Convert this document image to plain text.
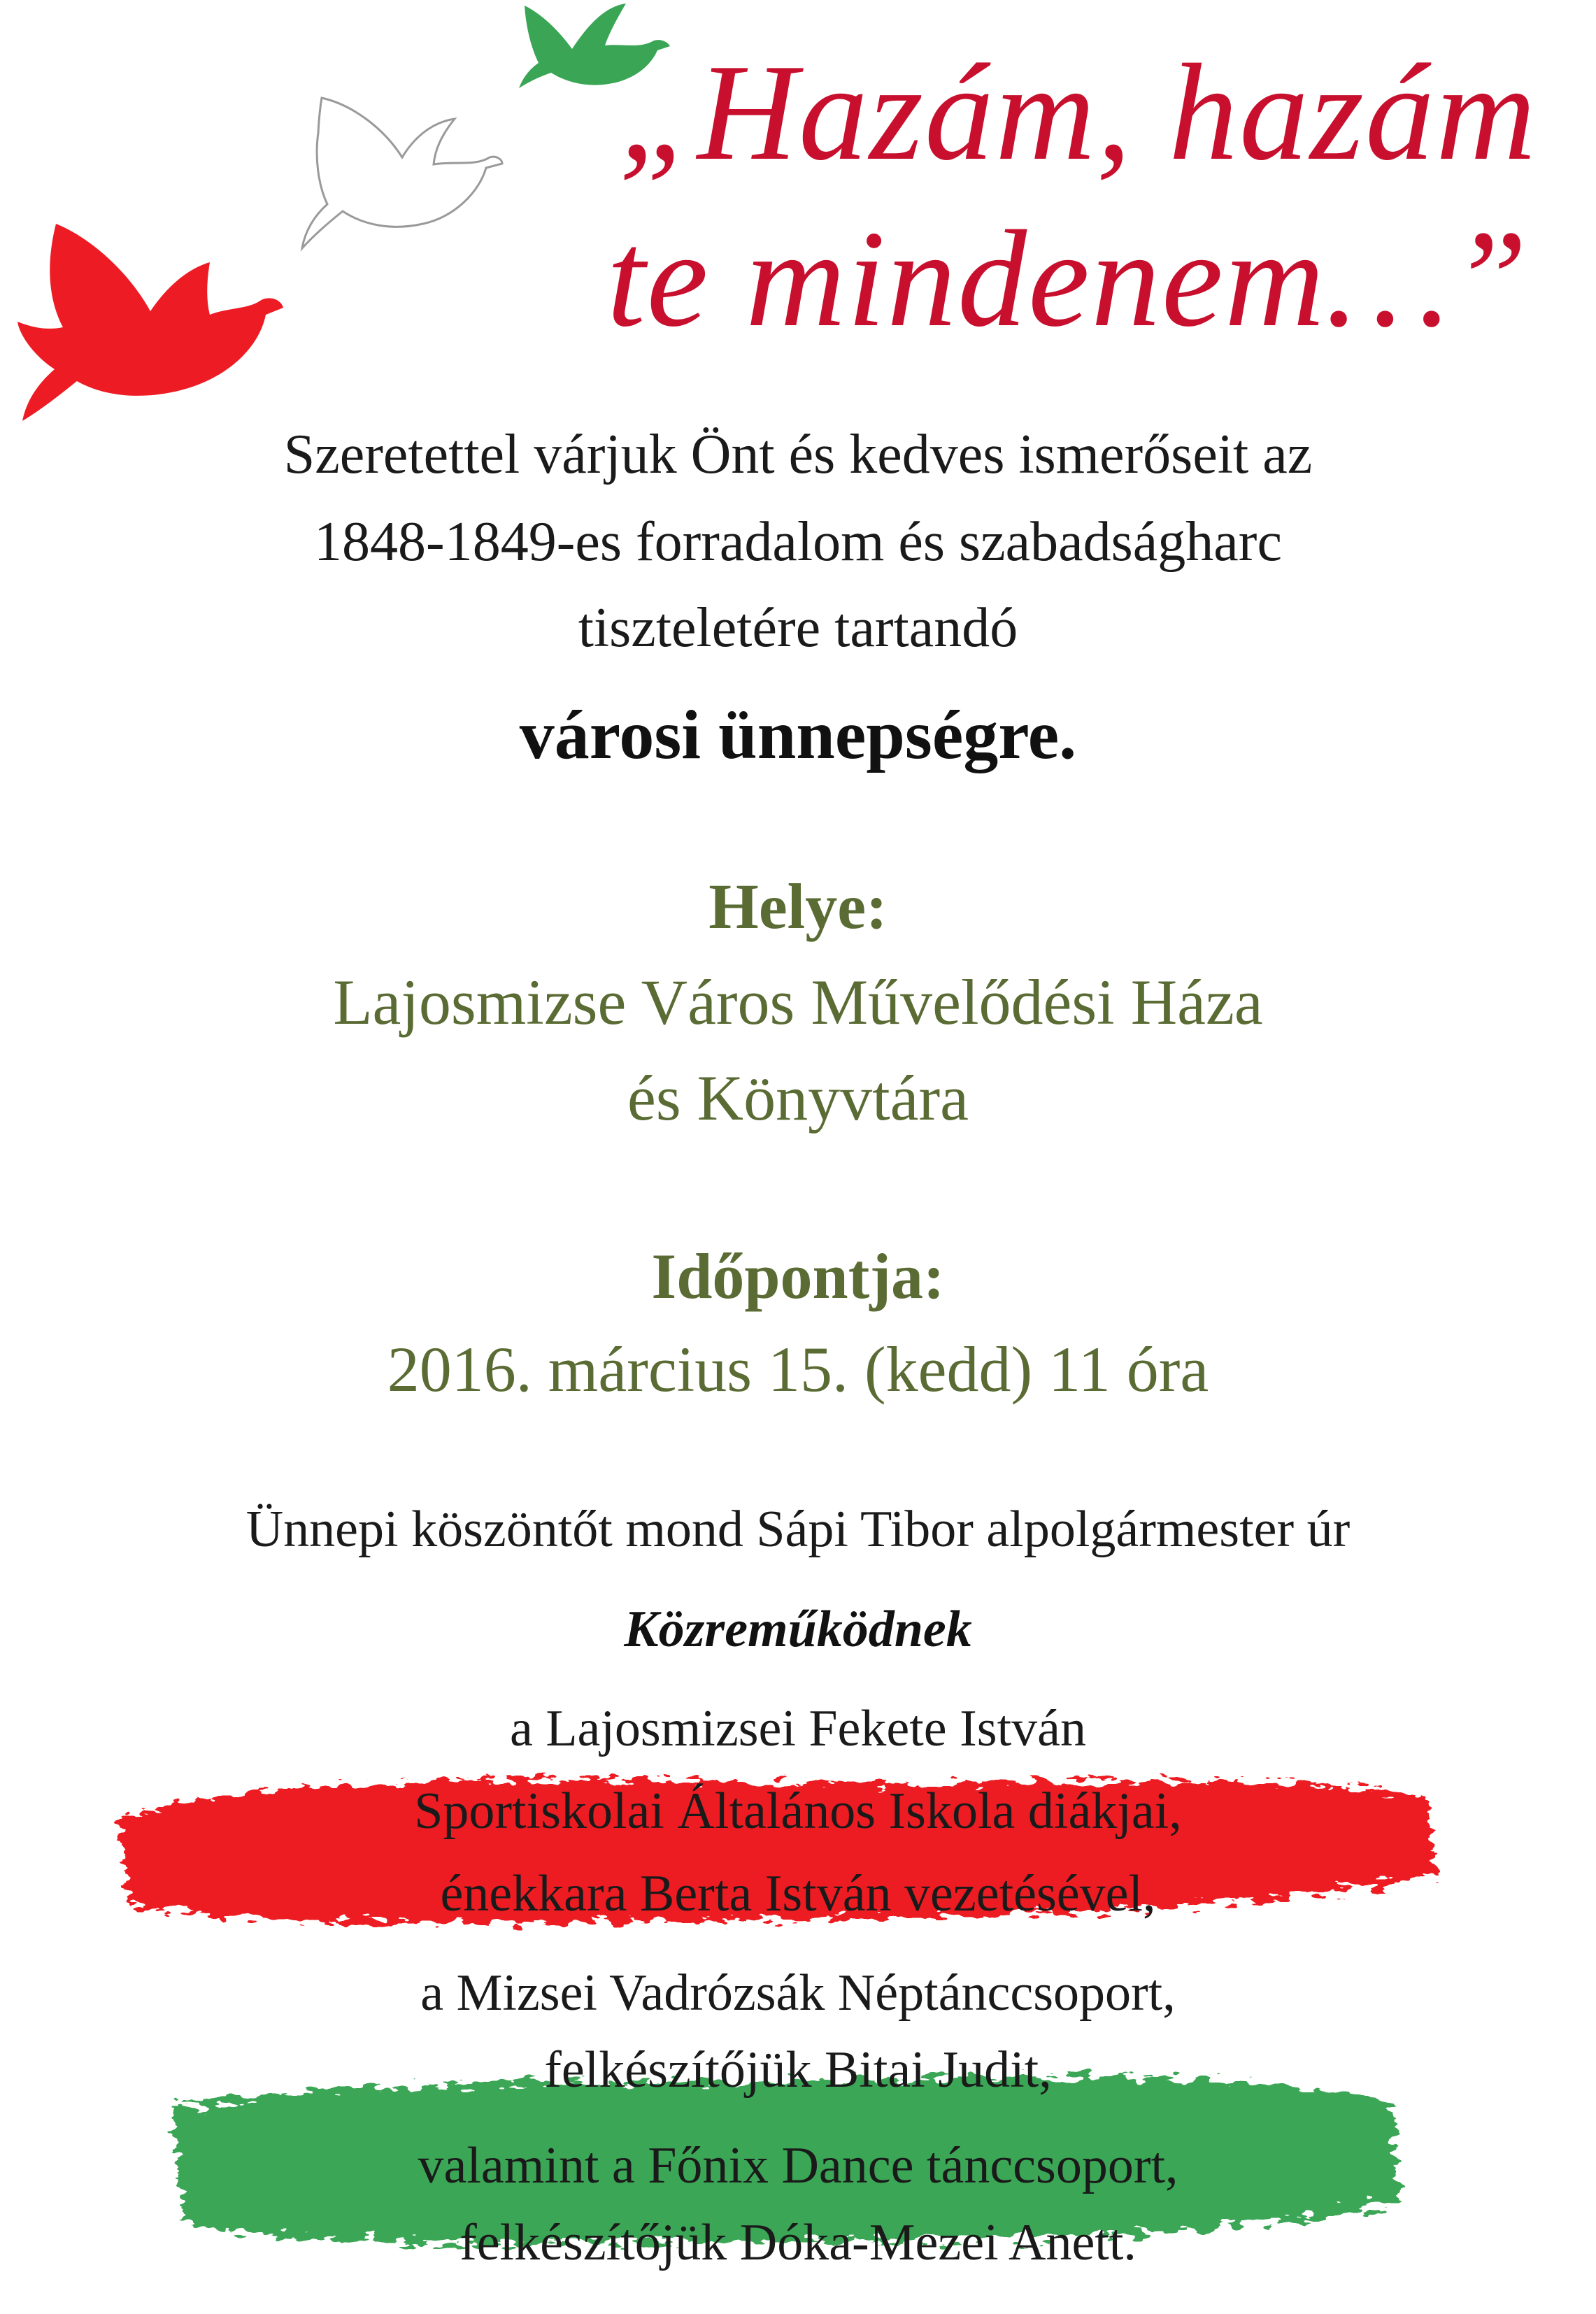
„Hazám, hazám
te mindenem…”
Szeretettel várjuk Önt és kedves ismerőseit az
1848-1849-es forradalom és szabadságharc
tiszteletére tartandó
városi ünnepségre.
Helye:
Lajosmizse Város Művelődési Háza
és Könyvtára
Időpontja:
2016. március 15. (kedd) 11 óra
Ünnepi köszöntőt mond Sápi Tibor alpolgármester úr
Közreműködnek
a Lajosmizsei Fekete István
Sportiskolai Általános Iskola diákjai,
énekkara Berta István vezetésével,
a Mizsei Vadrózsák Néptánccsoport,
felkészítőjük Bitai Judit,
valamint a Főnix Dance tánccsoport,
felkészítőjük Dóka-Mezei Anett.
